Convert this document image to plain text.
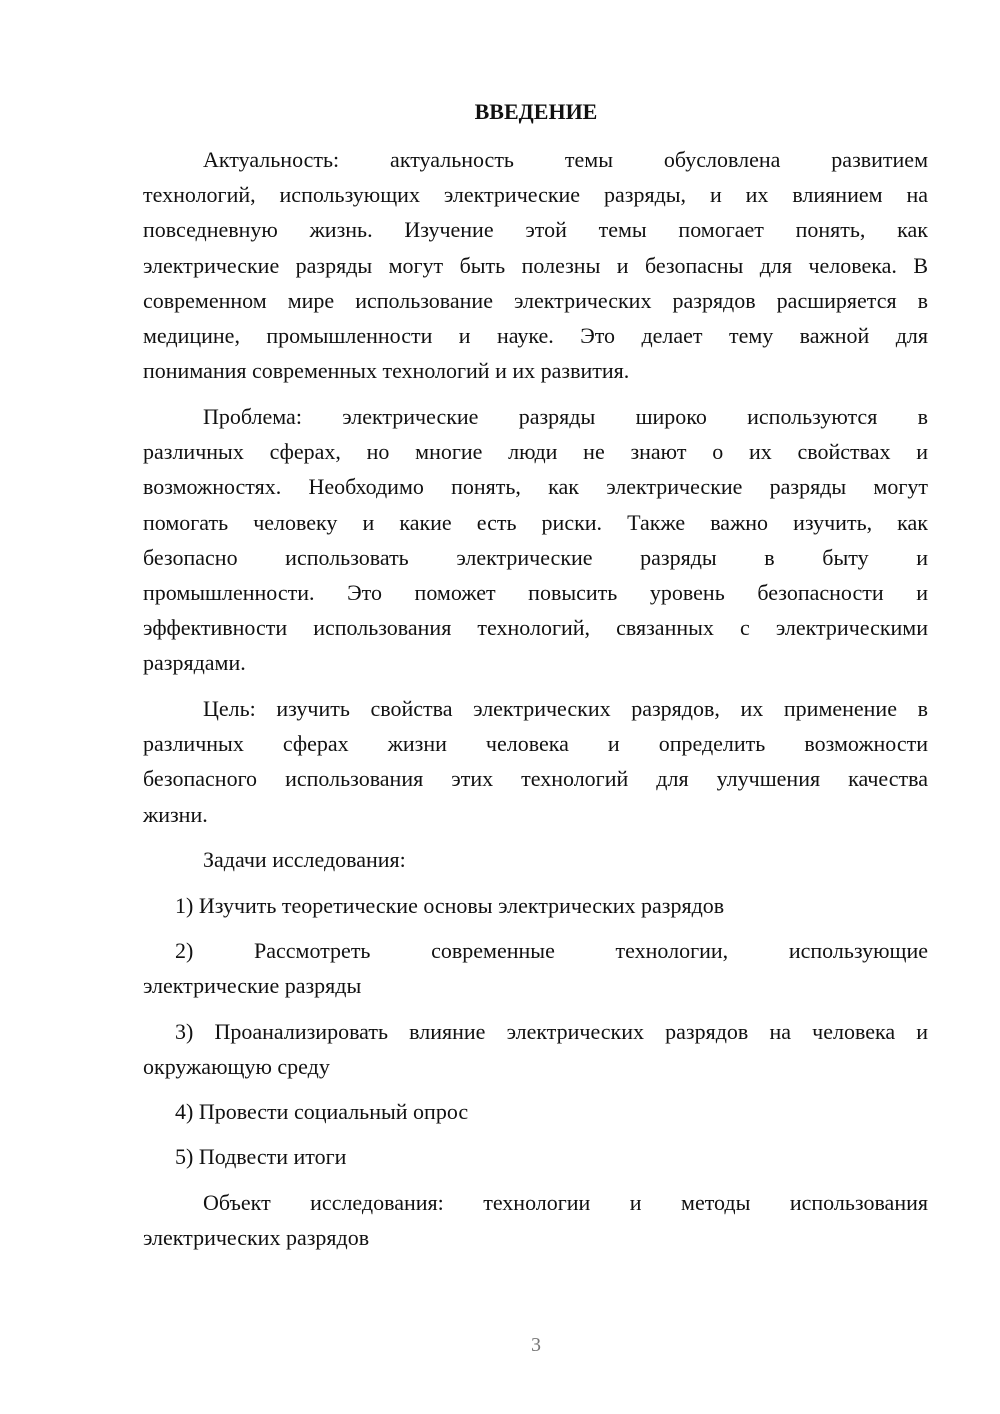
ВВЕДЕНИЕ
Актуальность: актуальность темы обусловлена развитием
технологий, использующих электрические разряды, и их влиянием на
повседневную жизнь. Изучение этой темы помогает понять, как
электрические разряды могут быть полезны и безопасны для человека. В
современном мире использование электрических разрядов расширяется в
медицине, промышленности и науке. Это делает тему важной для
понимания современных технологий и их развития.
Проблема: электрические разряды широко используются в
различных сферах, но многие люди не знают о их свойствах и
возможностях. Необходимо понять, как электрические разряды могут
помогать человеку и какие есть риски. Также важно изучить, как
безопасно использовать электрические разряды в быту и
промышленности. Это поможет повысить уровень безопасности и
эффективности использования технологий, связанных с электрическими
разрядами.
Цель: изучить свойства электрических разрядов, их применение в
различных сферах жизни человека и определить возможности
безопасного использования этих технологий для улучшения качества
жизни.
Задачи исследования:
1) Изучить теоретические основы электрических разрядов
2) Рассмотреть современные технологии, использующие
электрические разряды
3) Проанализировать влияние электрических разрядов на человека и
окружающую среду
4) Провести социальный опрос
5) Подвести итоги
Объект исследования: технологии и методы использования
электрических разрядов
3
